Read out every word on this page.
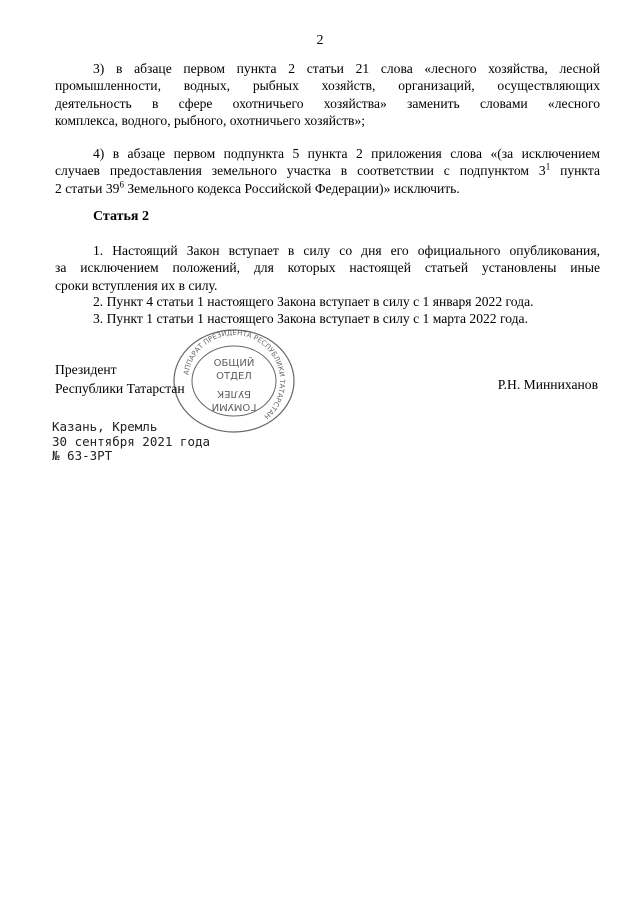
2
3) в абзаце первом пункта 2 статьи 21 слова «лесного хозяйства, лесной
промышленности, водных, рыбных хозяйств, организаций, осуществляющих
деятельность в сфере охотничьего хозяйства» заменить словами «лесного
комплекса, водного, рыбного, охотничьего хозяйств»;
4) в абзаце первом подпункта 5 пункта 2 приложения слова «(за исключением
случаев предоставления земельного участка в соответствии с подпунктом $3^1$ пункта
2 статьи $39^6$ Земельного кодекса Российской Федерации)» исключить.
Статья 2
1. Настоящий Закон вступает в силу со дня его официального опубликования,
за исключением положений, для которых настоящей статьей установлены иные
сроки вступления их в силу.
2. Пункт 4 статьи 1 настоящего Закона вступает в силу с 1 января 2022 года.
3. Пункт 1 статьи 1 настоящего Закона вступает в силу с 1 марта 2022 года.
Президент
Республики Татарстан	Р.Н. Минниханов
АППАРАТ ПРЕЗИДЕНТА РЕСПУБЛИКИ ТАТАРСТАН
ОБЩИЙ
ОТДЕЛ
БУЛЕК
ГОМУМИ
Казань, Кремль
30 сентября 2021 года
№ 63-ЗРТ
